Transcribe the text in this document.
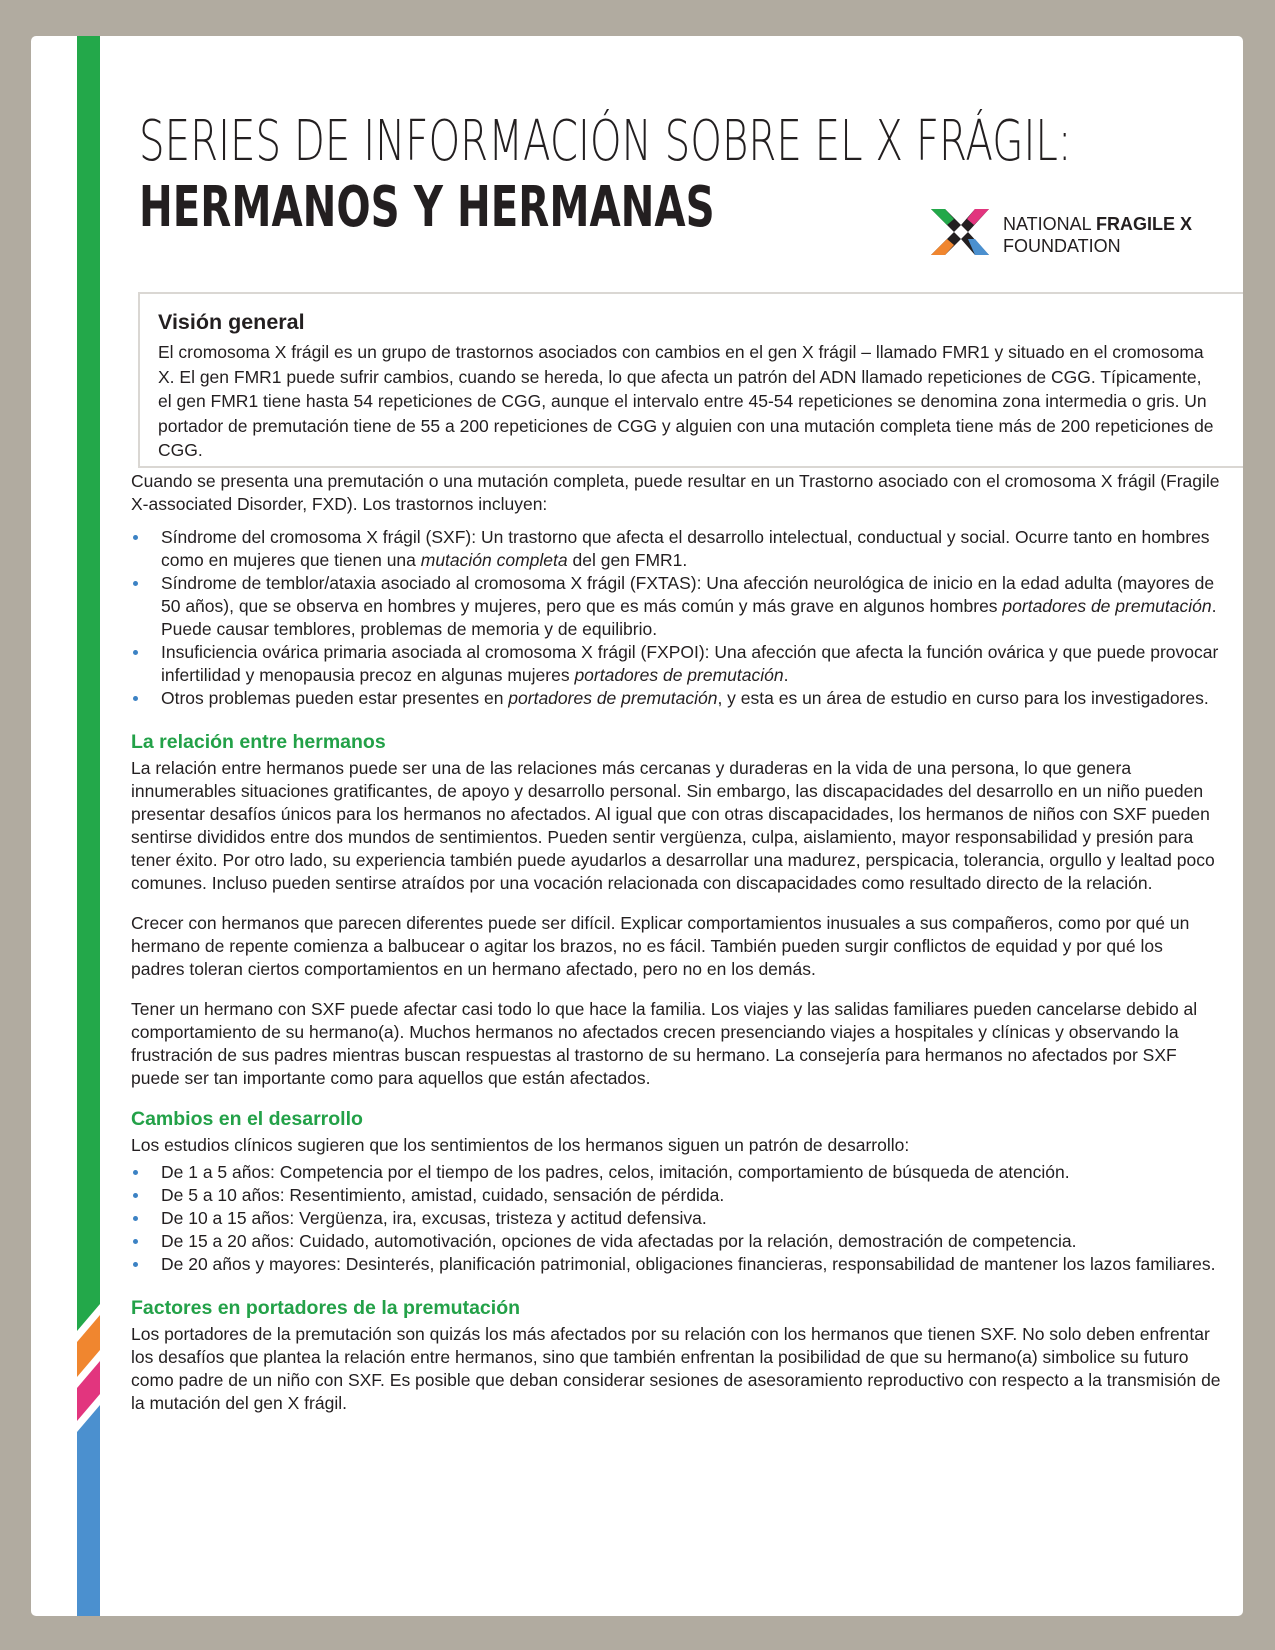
SERIES DE INFORMACIÓN SOBRE EL X FRÁGIL:
HERMANOS Y HERMANAS	NATIONAL FRAGILE X
FOUNDATION
Visión general

El cromosoma X frágil es un grupo de trastornos asociados con cambios en el gen X frágil – llamado FMR1 y situado en el cromosoma X. El gen FMR1 puede sufrir cambios, cuando se hereda, lo que afecta un patrón del ADN llamado repeticiones de CGG. Típicamente, el gen FMR1 tiene hasta 54 repeticiones de CGG, aunque el intervalo entre 45-54 repeticiones se denomina zona intermedia o gris. Un portador de premutación tiene de 55 a 200 repeticiones de CGG y alguien con una mutación completa tiene más de 200 repeticiones de CGG.

Cuando se presenta una premutación o una mutación completa, puede resultar en un Trastorno asociado con el cromosoma X frágil (Fragile X-associated Disorder, FXD). Los trastornos incluyen:

Síndrome del cromosoma X frágil (SXF): Un trastorno que afecta el desarrollo intelectual, conductual y social. Ocurre tanto en hombres como en mujeres que tienen una mutación completa del gen FMR1.
Síndrome de temblor/ataxia asociado al cromosoma X frágil (FXTAS): Una afección neurológica de inicio en la edad adulta (mayores de 50 años), que se observa en hombres y mujeres, pero que es más común y más grave en algunos hombres portadores de premutación. Puede causar temblores, problemas de memoria y de equilibrio.
Insuficiencia ovárica primaria asociada al cromosoma X frágil (FXPOI): Una afección que afecta la función ovárica y que puede provocar infertilidad y menopausia precoz en algunas mujeres portadores de premutación.
Otros problemas pueden estar presentes en portadores de premutación, y esta es un área de estudio en curso para los investigadores.
La relación entre hermanos

La relación entre hermanos puede ser una de las relaciones más cercanas y duraderas en la vida de una persona, lo que genera innumerables situaciones gratificantes, de apoyo y desarrollo personal. Sin embargo, las discapacidades del desarrollo en un niño pueden presentar desafíos únicos para los hermanos no afectados. Al igual que con otras discapacidades, los hermanos de niños con SXF pueden sentirse divididos entre dos mundos de sentimientos. Pueden sentir vergüenza, culpa, aislamiento, mayor responsabilidad y presión para tener éxito. Por otro lado, su experiencia también puede ayudarlos a desarrollar una madurez, perspicacia, tolerancia, orgullo y lealtad poco comunes. Incluso pueden sentirse atraídos por una vocación relacionada con discapacidades como resultado directo de la relación.

Crecer con hermanos que parecen diferentes puede ser difícil. Explicar comportamientos inusuales a sus compañeros, como por qué un hermano de repente comienza a balbucear o agitar los brazos, no es fácil. También pueden surgir conflictos de equidad y por qué los padres toleran ciertos comportamientos en un hermano afectado, pero no en los demás.

Tener un hermano con SXF puede afectar casi todo lo que hace la familia. Los viajes y las salidas familiares pueden cancelarse debido al comportamiento de su hermano(a). Muchos hermanos no afectados crecen presenciando viajes a hospitales y clínicas y observando la frustración de sus padres mientras buscan respuestas al trastorno de su hermano. La consejería para hermanos no afectados por SXF puede ser tan importante como para aquellos que están afectados.

Cambios en el desarrollo

Los estudios clínicos sugieren que los sentimientos de los hermanos siguen un patrón de desarrollo:

De 1 a 5 años: Competencia por el tiempo de los padres, celos, imitación, comportamiento de búsqueda de atención.
De 5 a 10 años: Resentimiento, amistad, cuidado, sensación de pérdida.
De 10 a 15 años: Vergüenza, ira, excusas, tristeza y actitud defensiva.
De 15 a 20 años: Cuidado, automotivación, opciones de vida afectadas por la relación, demostración de competencia.
De 20 años y mayores: Desinterés, planificación patrimonial, obligaciones financieras, responsabilidad de mantener los lazos familiares.
Factores en portadores de la premutación

Los portadores de la premutación son quizás los más afectados por su relación con los hermanos que tienen SXF. No solo deben enfrentar los desafíos que plantea la relación entre hermanos, sino que también enfrentan la posibilidad de que su hermano(a) simbolice su futuro como padre de un niño con SXF. Es posible que deban considerar sesiones de asesoramiento reproductivo con respecto a la transmisión de la mutación del gen X frágil.
